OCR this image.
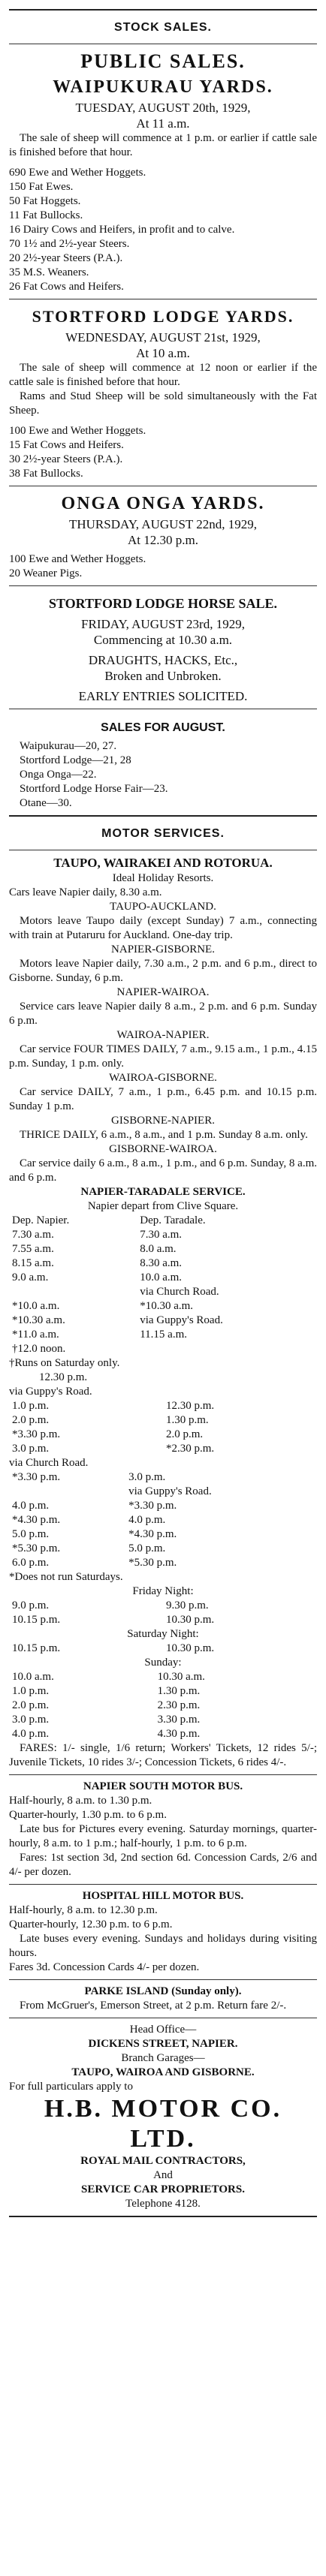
STOCK SALES.
PUBLIC SALES.
WAIPUKURAU YARDS.
TUESDAY, AUGUST 20th, 1929,
At 11 a.m.

The sale of sheep will commence at 1 p.m. or earlier if cattle sale is finished before that hour.

690 Ewe and Wether Hoggets.
150 Fat Ewes.
50 Fat Hoggets.
11 Fat Bullocks.
16 Dairy Cows and Heifers, in profit and to calve.
70 1½ and 2½-year Steers.
20 2½-year Steers (P.A.).
35 M.S. Weaners.
26 Fat Cows and Heifers.
STORTFORD LODGE YARDS.
WEDNESDAY, AUGUST 21st, 1929,
At 10 a.m.

The sale of sheep will commence at 12 noon or earlier if the cattle sale is finished before that hour.

Rams and Stud Sheep will be sold simultaneously with the Fat Sheep.

100 Ewe and Wether Hoggets.
15 Fat Cows and Heifers.
30 2½-year Steers (P.A.).
38 Fat Bullocks.
ONGA ONGA YARDS.
THURSDAY, AUGUST 22nd, 1929,
At 12.30 p.m.
100 Ewe and Wether Hoggets.
20 Weaner Pigs.
STORTFORD LODGE HORSE SALE.
FRIDAY, AUGUST 23rd, 1929,
Commencing at 10.30 a.m.
DRAUGHTS, HACKS, Etc.,
Broken and Unbroken.
EARLY ENTRIES SOLICITED.
SALES FOR AUGUST.
Waipukurau—20, 27.
Stortford Lodge—21, 28
Onga Onga—22.
Stortford Lodge Horse Fair—23.
Otane—30.
MOTOR SERVICES.
TAUPO, WAIRAKEI AND ROTORUA.
Ideal Holiday Resorts.
Cars leave Napier daily, 8.30 a.m.
TAUPO-AUCKLAND.
Motors leave Taupo daily (except Sunday) 7 a.m., connecting with train at Putaruru for Auckland. One-day trip.
NAPIER-GISBORNE.
Motors leave Napier daily, 7.30 a.m., 2 p.m. and 6 p.m., direct to Gisborne. Sunday, 6 p.m.
NAPIER-WAIROA.
Service cars leave Napier daily 8 a.m., 2 p.m. and 6 p.m. Sunday 6 p.m.
WAIROA-NAPIER.
Car service FOUR TIMES DAILY, 7 a.m., 9.15 a.m., 1 p.m., 4.15 p.m. Sunday, 1 p.m. only.
WAIROA-GISBORNE.
Car service DAILY, 7 a.m., 1 p.m., 6.45 p.m. and 10.15 p.m. Sunday 1 p.m.
GISBORNE-NAPIER.
THRICE DAILY, 6 a.m., 8 a.m., and 1 p.m. Sunday 8 a.m. only.
GISBORNE-WAIROA.
Car service daily 6 a.m., 8 a.m., 1 p.m., and 6 p.m. Sunday, 8 a.m. and 6 p.m.
NAPIER-TARADALE SERVICE.
Napier depart from Clive Square.
Dep. Napier.	Dep. Taradale.
7.30 a.m.	7.30 a.m.
7.55 a.m.	8.0 a.m.
8.15 a.m.	8.30 a.m.
9.0 a.m.	10.0 a.m.
	via Church Road.
*10.0 a.m.	*10.30 a.m.
*10.30 a.m.	via Guppy's Road.
*11.0 a.m.	11.15 a.m.
†12.0 noon.	
†Runs on Saturday only.
12.30 p.m.
via Guppy's Road.
1.0 p.m.	12.30 p.m.
2.0 p.m.	1.30 p.m.
*3.30 p.m.	2.0 p.m.
3.0 p.m.	*2.30 p.m.
via Church Road.
*3.30 p.m.	3.0 p.m.
	via Guppy's Road.
4.0 p.m.	*3.30 p.m.
*4.30 p.m.	4.0 p.m.
5.0 p.m.	*4.30 p.m.
*5.30 p.m.	5.0 p.m.
6.0 p.m.	*5.30 p.m.
*Does not run Saturdays.
Friday Night:
9.0 p.m.	9.30 p.m.
10.15 p.m.	10.30 p.m.
Saturday Night:
10.15 p.m.	10.30 p.m.
Sunday:
10.0 a.m.	10.30 a.m.
1.0 p.m.	1.30 p.m.
2.0 p.m.	2.30 p.m.
3.0 p.m.	3.30 p.m.
4.0 p.m.	4.30 p.m.
FARES: 1/- single, 1/6 return; Workers' Tickets, 12 rides 5/-; Juvenile Tickets, 10 rides 3/-; Concession Tickets, 6 rides 4/-.
NAPIER SOUTH MOTOR BUS.
Half-hourly, 8 a.m. to 1.30 p.m.
Quarter-hourly, 1.30 p.m. to 6 p.m.
Late bus for Pictures every evening. Saturday mornings, quarter-hourly, 8 a.m. to 1 p.m.; half-hourly, 1 p.m. to 6 p.m.
Fares: 1st section 3d, 2nd section 6d. Concession Cards, 2/6 and 4/- per dozen.
HOSPITAL HILL MOTOR BUS.
Half-hourly, 8 a.m. to 12.30 p.m.
Quarter-hourly, 12.30 p.m. to 6 p.m.
Late buses every evening. Sundays and holidays during visiting hours.
Fares 3d. Concession Cards 4/- per dozen.
PARKE ISLAND (Sunday only).
From McGruer's, Emerson Street, at 2 p.m. Return fare 2/-.
Head Office—
DICKENS STREET, NAPIER.
Branch Garages—
TAUPO, WAIROA AND GISBORNE.
For full particulars apply to
H.B. MOTOR CO. LTD.
ROYAL MAIL CONTRACTORS,
And
SERVICE CAR PROPRIETORS.
Telephone 4128.
